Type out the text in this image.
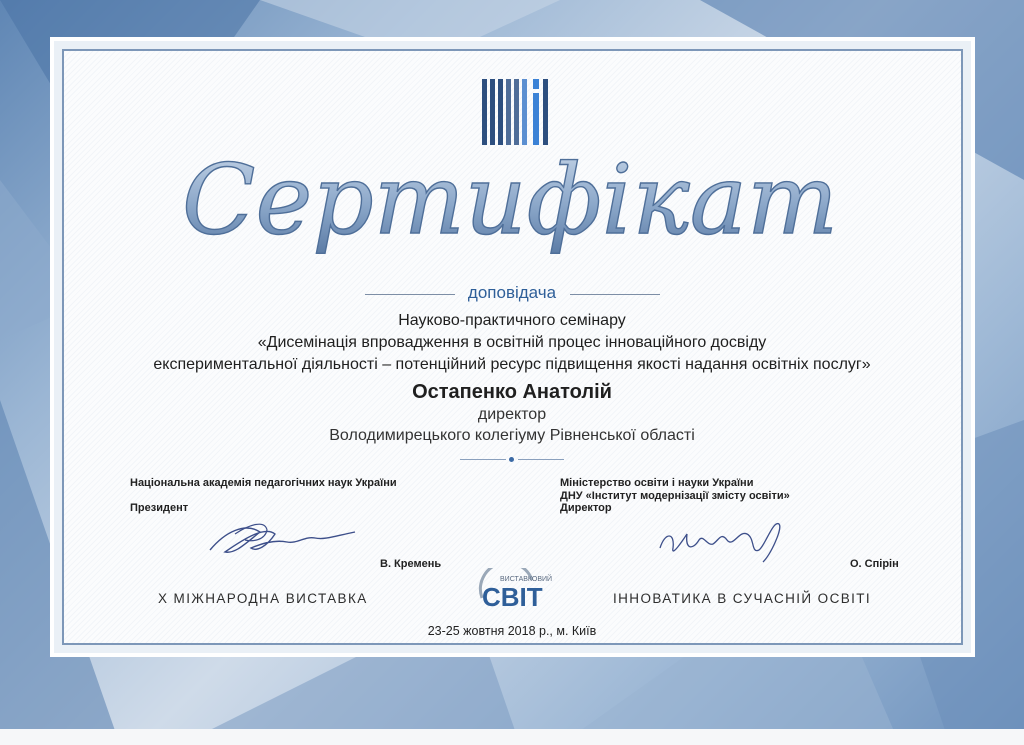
Сертифікат
доповідача
Науково-практичного семінару
«Дисемінація впровадження в освітній процес інноваційного досвіду
експериментальної діяльності – потенційний ресурс підвищення якості надання освітніх послуг»
Остапенко Анатолій
директор
Володимирецького колегіуму Рівненської області
Національна академія педагогічних наук України
Президент
В. Кремень
Міністерство освіти і науки України
ДНУ «Інститут модернізації змісту освіти»
Директор
О. Спірін
X МІЖНАРОДНА ВИСТАВКА
ВИСТАВКОВИЙ
СВІТ	ІННОВАТИКА В СУЧАСНІЙ ОСВІТІ
23-25 жовтня 2018 р., м. Київ
